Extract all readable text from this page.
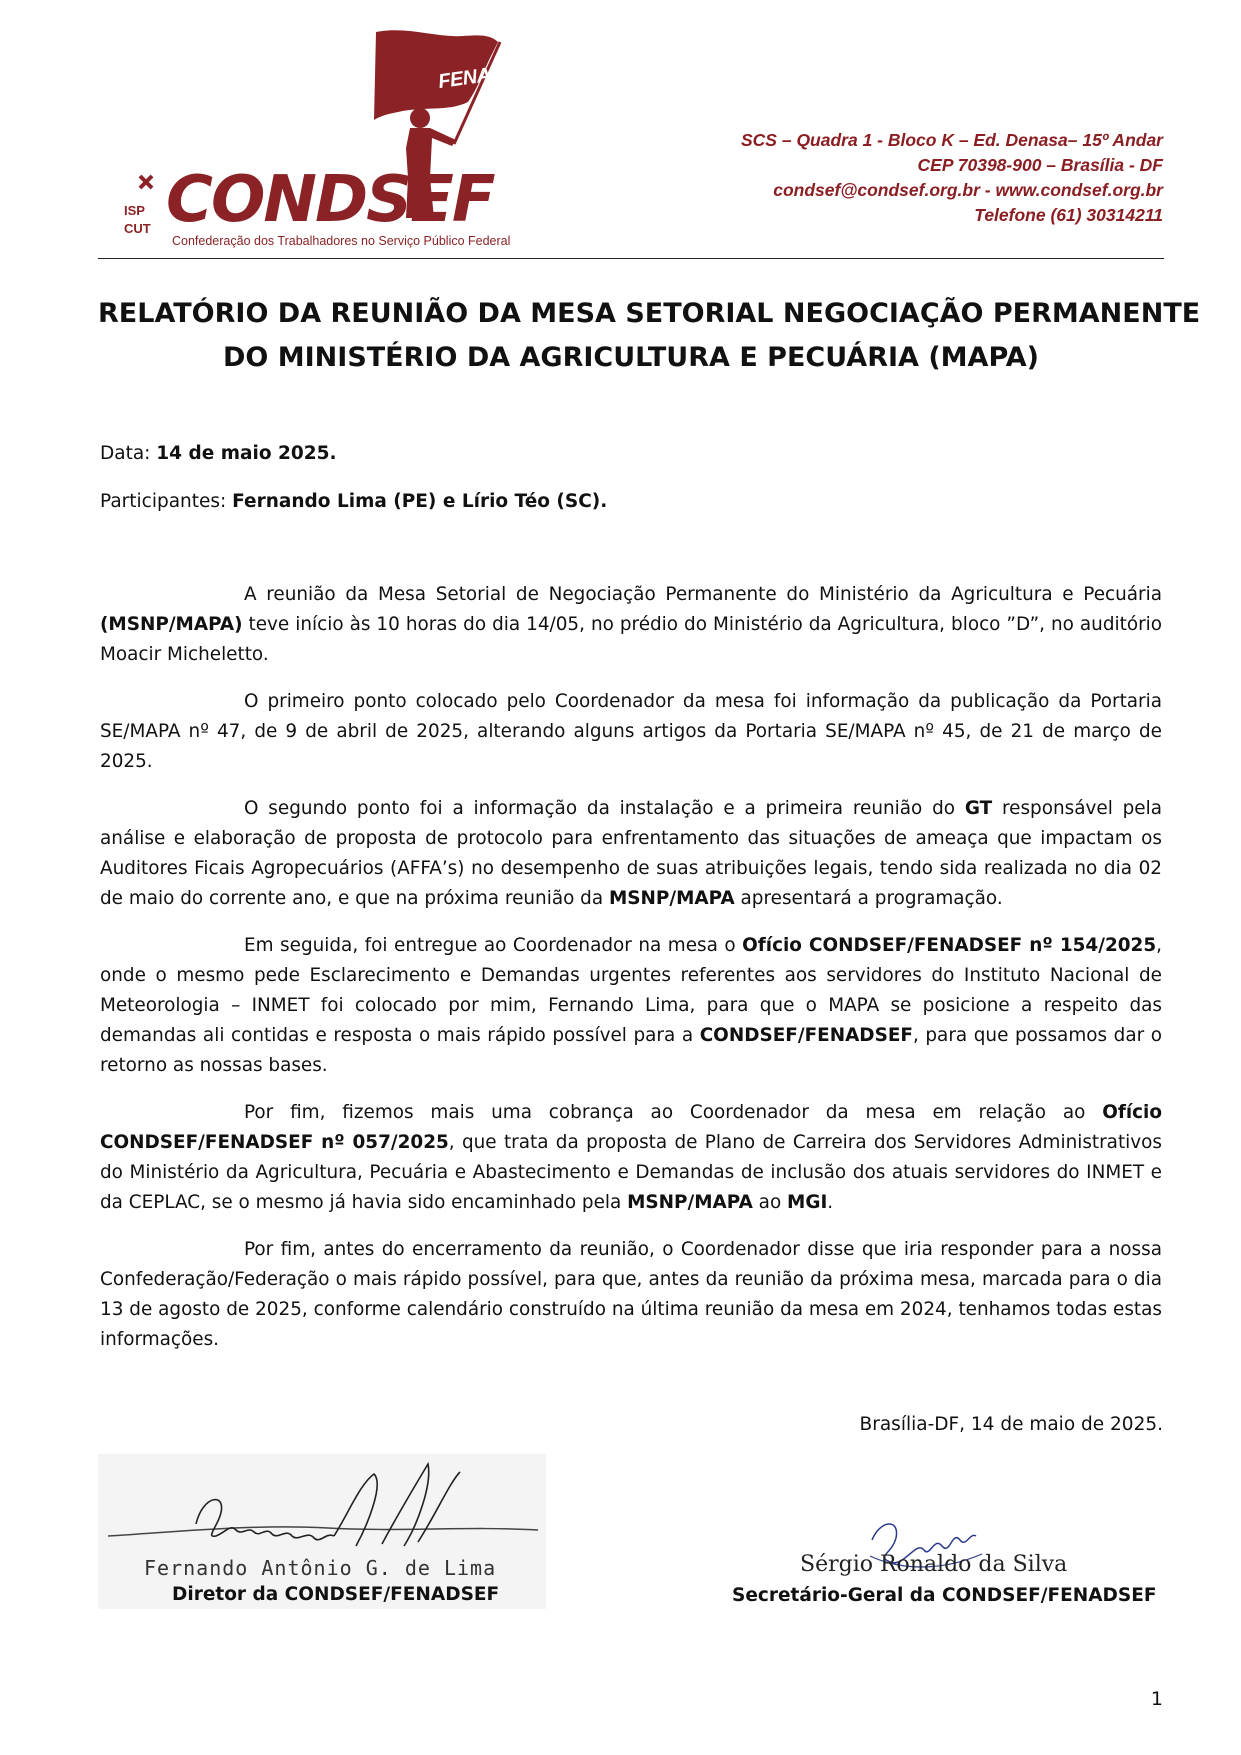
FENADSEF
ISP
CUT CONDSEF
Confederação dos Trabalhadores no Serviço Público Federal
SCS – Quadra 1 - Bloco K – Ed. Denasa– 15º Andar
CEP 70398-900 – Brasília - DF
condsef@condsef.org.br - www.condsef.org.br
Telefone (61) 30314211
RELATÓRIO DA REUNIÃO DA MESA SETORIAL NEGOCIAÇÃO PERMANENTE
DO MINISTÉRIO DA AGRICULTURA E PECUÁRIA (MAPA)
Data: 14 de maio 2025.
Participantes: Fernando Lima (PE) e Lírio Téo (SC).

A reunião da Mesa Setorial de Negociação Permanente do Ministério da Agricultura e Pecuária (MSNP/MAPA) teve início às 10 horas do dia 14/05, no prédio do Ministério da Agricultura, bloco ”D”, no auditório Moacir Micheletto.

O primeiro ponto colocado pelo Coordenador da mesa foi informação da publicação da Portaria SE/MAPA nº 47, de 9 de abril de 2025, alterando alguns artigos da Portaria SE/MAPA nº 45, de 21 de março de 2025.

O segundo ponto foi a informação da instalação e a primeira reunião do GT responsável pela análise e elaboração de proposta de protocolo para enfrentamento das situações de ameaça que impactam os Auditores Ficais Agropecuários (AFFA’s) no desempenho de suas atribuições legais, tendo sida realizada no dia 02 de maio do corrente ano, e que na próxima reunião da MSNP/MAPA apresentará a programação.

Em seguida, foi entregue ao Coordenador na mesa o Ofício CONDSEF/FENADSEF nº 154/2025, onde o mesmo pede Esclarecimento e Demandas urgentes referentes aos servidores do Instituto Nacional de Meteorologia – INMET foi colocado por mim, Fernando Lima, para que o MAPA se posicione a respeito das demandas ali contidas e resposta o mais rápido possível para a CONDSEF/FENADSEF, para que possamos dar o retorno as nossas bases.

Por fim, fizemos mais uma cobrança ao Coordenador da mesa em relação ao Ofício CONDSEF/FENADSEF nº 057/2025, que trata da proposta de Plano de Carreira dos Servidores Administrativos do Ministério da Agricultura, Pecuária e Abastecimento e Demandas de inclusão dos atuais servidores do INMET e da CEPLAC, se o mesmo já havia sido encaminhado pela MSNP/MAPA ao MGI.

Por fim, antes do encerramento da reunião, o Coordenador disse que iria responder para a nossa Confederação/Federação o mais rápido possível, para que, antes da reunião da próxima mesa, marcada para o dia 13 de agosto de 2025, conforme calendário construído na última reunião da mesa em 2024, tenhamos todas estas informações.

Brasília-DF, 14 de maio de 2025.
Fernando Antônio G. de Lima
Diretor da CONDSEF/FENADSEF
Sérgio Ronaldo da Silva
Secretário-Geral da CONDSEF/FENADSEF
1
